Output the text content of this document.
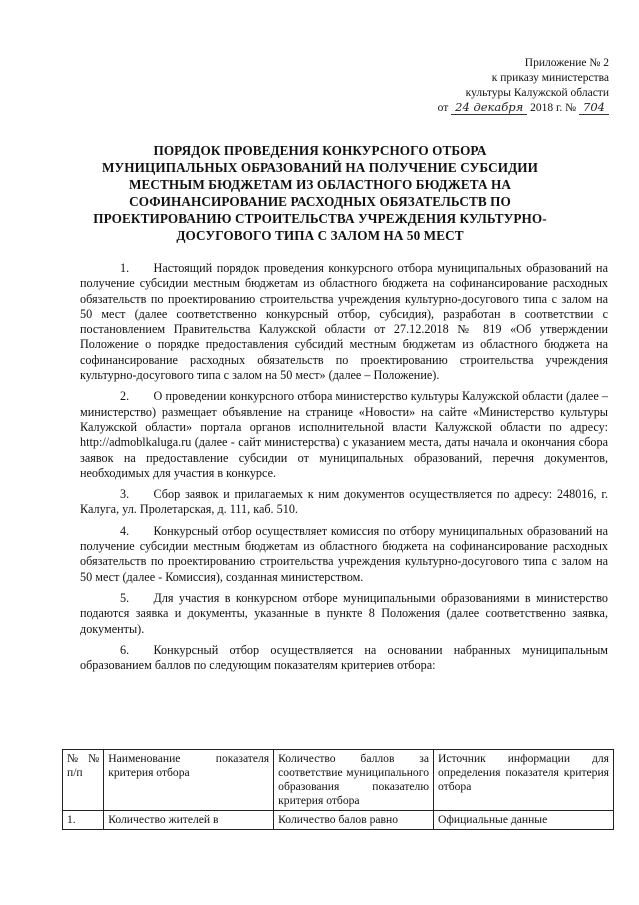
Приложение № 2
к приказу министерства
культуры Калужской области
от 24 декабря 2018 г. № 704
ПОРЯДОК ПРОВЕДЕНИЯ КОНКУРСНОГО ОТБОРА
МУНИЦИПАЛЬНЫХ ОБРАЗОВАНИЙ НА ПОЛУЧЕНИЕ СУБСИДИИ
МЕСТНЫМ БЮДЖЕТАМ ИЗ ОБЛАСТНОГО БЮДЖЕТА НА
СОФИНАНСИРОВАНИЕ РАСХОДНЫХ ОБЯЗАТЕЛЬСТВ ПО
ПРОЕКТИРОВАНИЮ СТРОИТЕЛЬСТВА УЧРЕЖДЕНИЯ КУЛЬТУРНО-
ДОСУГОВОГО ТИПА С ЗАЛОМ НА 50 МЕСТ

1.  Настоящий порядок проведения конкурсного отбора муниципальных образований на получение субсидии местным бюджетам из областного бюджета на софинансирование расходных обязательств по проектированию строительства учреждения культурно-досугового типа с залом на 50 мест (далее соответственно конкурсный отбор, субсидия), разработан в соответствии с постановлением Правительства Калужской области от 27.12.2018 № 819 «Об утверждении Положение о порядке предоставления субсидий местным бюджетам из областного бюджета на софинансирование расходных обязательств по проектированию строительства учреждения культурно-досугового типа с залом на 50 мест» (далее – Положение).

2.  О проведении конкурсного отбора министерство культуры Калужской области (далее – министерство) размещает объявление на странице «Новости» на сайте «Министерство культуры Калужской области» портала органов исполнительной власти Калужской области по адресу: http://admoblkaluga.ru (далее - сайт министерства) с указанием места, даты начала и окончания сбора заявок на предоставление субсидии от муниципальных образований, перечня документов, необходимых для участия в конкурсе.

3.  Сбор заявок и прилагаемых к ним документов осуществляется по адресу: 248016, г. Калуга, ул. Пролетарская, д. 111, каб. 510.

4.  Конкурсный отбор осуществляет комиссия по отбору муниципальных образований на получение субсидии местным бюджетам из областного бюджета на софинансирование расходных обязательств по проектированию строительства учреждения культурно-досугового типа с залом на 50 мест (далее - Комиссия), созданная министерством.

5.  Для участия в конкурсном отборе муниципальными образованиями в министерство подаются заявка и документы, указанные в пункте 8 Положения (далее соответственно заявка, документы).

6.  Конкурсный отбор осуществляется на основании набранных муниципальным образованием баллов по следующим показателям критериев отбора:

№№ п/п	Наименование показателя критерия отбора	Количество баллов за соответствие муниципального образования показателю критерия отбора	Источник информации для определения показателя критерия отбора
1.	Количество жителей в	Количество балов равно	Официальные данные
